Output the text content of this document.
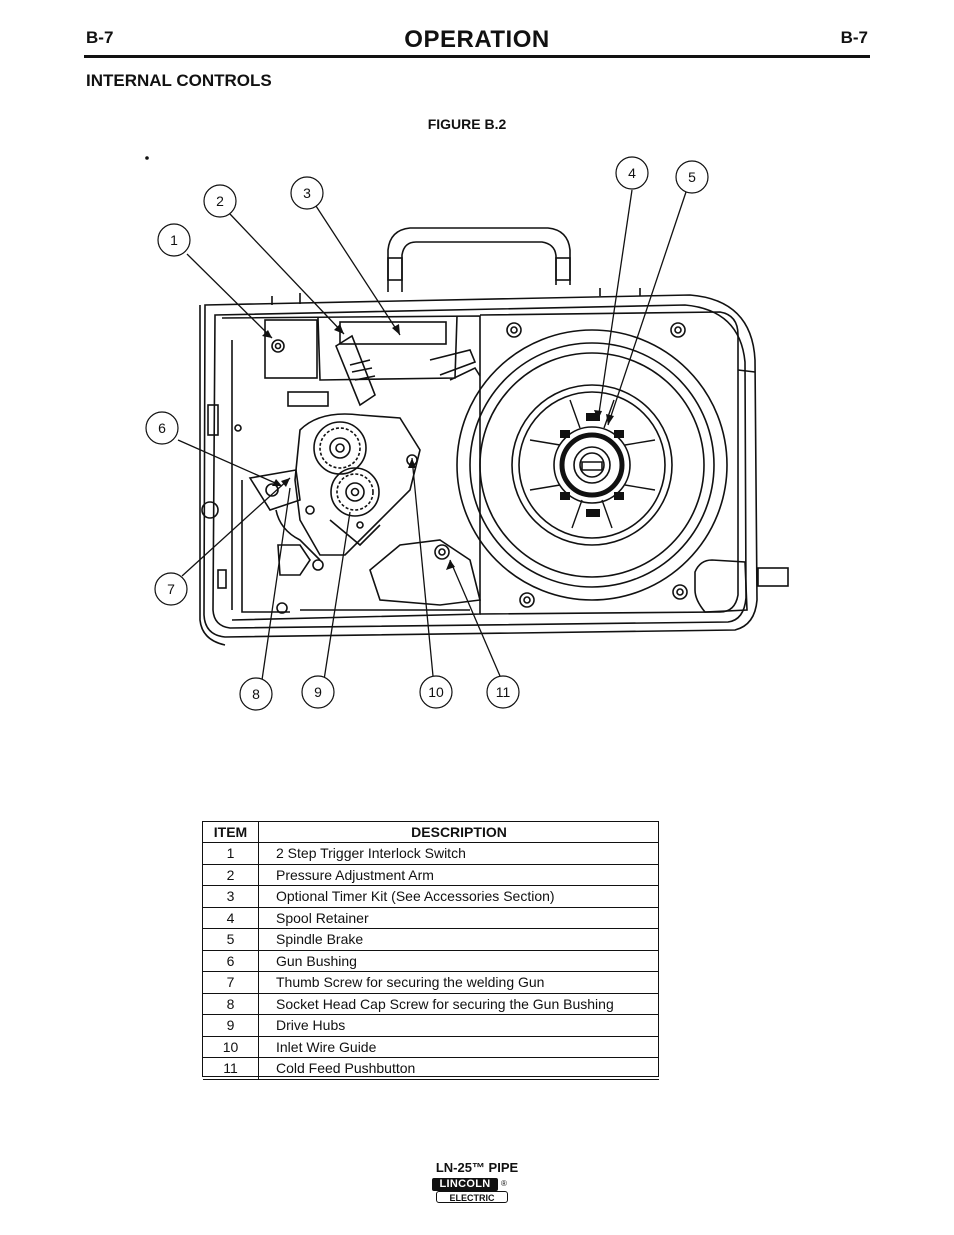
B-7	OPERATION	B-7
INTERNAL CONTROLS
FIGURE B.2
1
2	3
4	5
6
7
8	9	10	11
ITEM	DESCRIPTION
1	2 Step Trigger Interlock Switch
2	Pressure Adjustment Arm
3	Optional Timer Kit (See Accessories Section)
4	Spool Retainer
5	Spindle Brake
6	Gun Bushing
7	Thumb Screw for securing the welding Gun
8	Socket Head Cap Screw for securing the Gun Bushing
9	Drive Hubs
10	Inlet Wire Guide
11	Cold Feed Pushbutton
LN-25™ PIPE
LINCOLN	®
ELECTRIC
